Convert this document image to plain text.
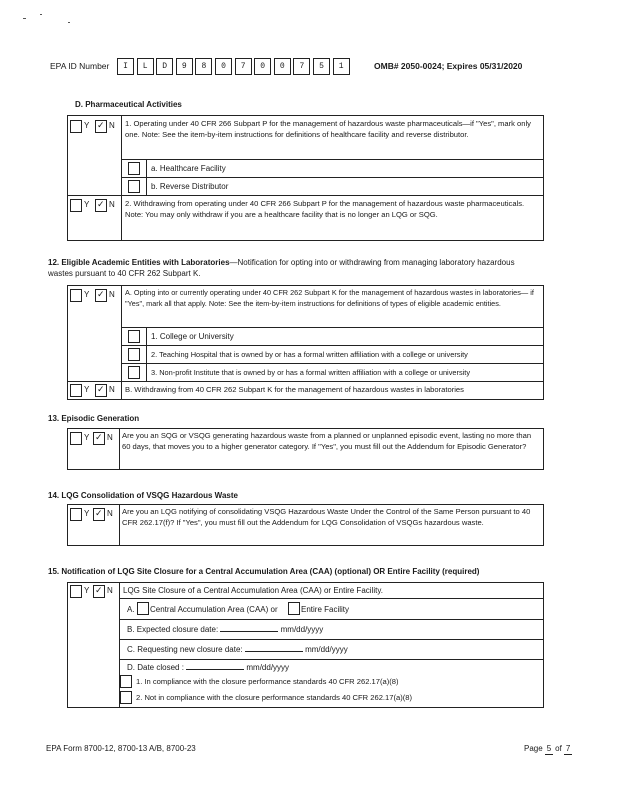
EPA ID Number	I	L	D	9	8	0	7	0	0	7	5	1	OMB# 2050-0024; Expires 05/31/2020
D. Pharmaceutical Activities
Y ✓ N 1. Operating under 40 CFR 266 Subpart P for the management of hazardous waste pharmaceuticals—if "Yes", mark only one. Note: See the item-by-item instructions for definitions of healthcare facility and reverse distributor.
a. Healthcare Facility
b. Reverse Distributor
Y ✓ N 2. Withdrawing from operating under 40 CFR 266 Subpart P for the management of hazardous waste pharmaceuticals. Note: You may only withdraw if you are a healthcare facility that is no longer an LQG or SQG.
12. Eligible Academic Entities with Laboratories—Notification for opting into or withdrawing from managing laboratory hazardous
wastes pursuant to 40 CFR 262 Subpart K.
Y ✓ N A. Opting into or currently operating under 40 CFR 262 Subpart K for the management of hazardous wastes in laboratories— if "Yes", mark all that apply. Note: See the item-by-item instructions for definitions of types of eligible academic entities.
1. College or University
2. Teaching Hospital that is owned by or has a formal written affiliation with a college or university
3. Non-profit Institute that is owned by or has a formal written affiliation with a college or university
Y ✓ N B. Withdrawing from 40 CFR 262 Subpart K for the management of hazardous wastes in laboratories
13. Episodic Generation
Y ✓ N Are you an SQG or VSQG generating hazardous waste from a planned or unplanned episodic event, lasting no more than 60 days, that moves you to a higher generator category. If "Yes", you must fill out the Addendum for Episodic Generator?
14. LQG Consolidation of VSQG Hazardous Waste
Y ✓ N Are you an LQG notifying of consolidating VSQG Hazardous Waste Under the Control of the Same Person pursuant to 40 CFR 262.17(f)? If "Yes", you must fill out the Addendum for LQG Consolidation of VSQGs hazardous waste.
15. Notification of LQG Site Closure for a Central Accumulation Area (CAA) (optional) OR Entire Facility (required)
Y ✓ N LQG Site Closure of a Central Accumulation Area (CAA) or Entire Facility.
A. Central Accumulation Area (CAA) or	Entire Facility
B. Expected closure date:	mm/dd/yyyy
C. Requesting new closure date:	mm/dd/yyyy
D. Date closed :	mm/dd/yyyy
1. In compliance with the closure performance standards 40 CFR 262.17(a)(8)
2. Not in compliance with the closure performance standards 40 CFR 262.17(a)(8)
EPA Form 8700-12, 8700-13 A/B, 8700-23	Page 5 of 7
